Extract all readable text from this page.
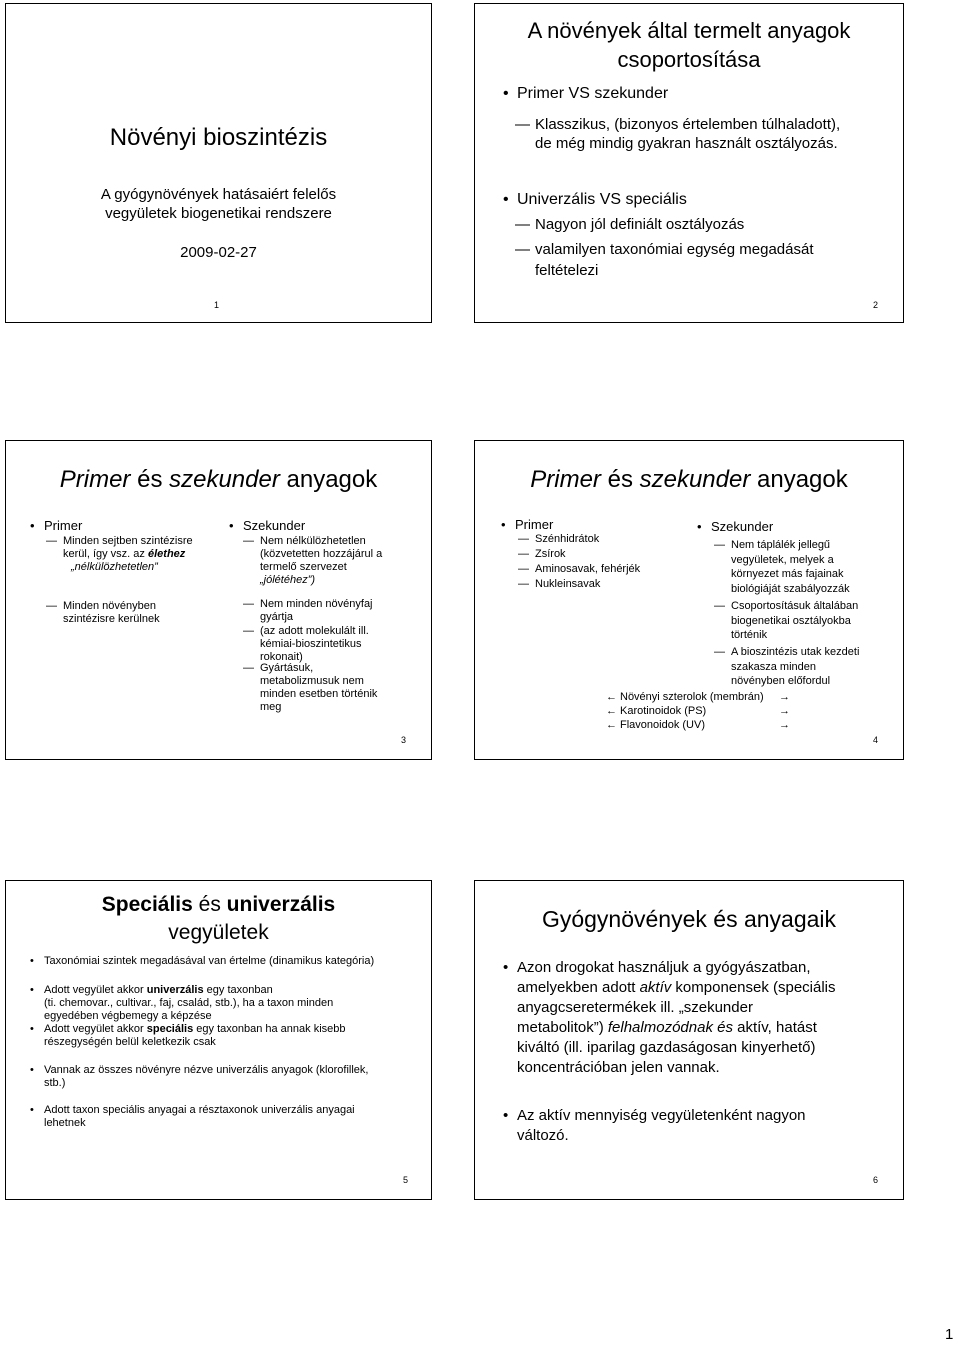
Növényi bioszintézis
A gyógynövények hatásaiért felelős
vegyületek biogenetikai rendszere
2009-02-27
1
A növények által termelt anyagok
csoportosítása
• Primer VS szekunder
— Klasszikus, (bizonyos értelemben túlhaladott),
de még mindig gyakran használt osztályozás.
• Univerzális VS speciális
— Nagyon jól definiált osztályozás
— valamilyen taxonómiai egység megadását
feltételezi
2
Primer és szekunder anyagok
• Primer
— Minden sejtben szintézisre
kerül, így vsz. az élethez
„nélkülözhetetlen”
— Minden növényben
szintézisre kerülnek
• Szekunder
— Nem nélkülözhetetlen
(közvetetten hozzájárul a
termelő szervezet
„jólétéhez”)
— Nem minden növényfaj
gyártja
— (az adott molekulált ill.
kémiai-bioszintetikus
rokonait)
— Gyártásuk,
metabolizmusuk nem
minden esetben történik
meg
3
Primer és szekunder anyagok
• Primer
— Szénhidrátok
— Zsírok
— Aminosavak, fehérjék
— Nukleinsavak
• Szekunder
— Nem táplálék jellegű
vegyületek, melyek a
környezet más fajainak
biológiáját szabályozzák
— Csoportosításuk általában
biogenetikai osztályokba
történik
— A bioszintézis utak kezdeti
szakasza minden
növényben előfordul
← Növényi szterolok (membrán) →
← Karotinoidok (PS)	→
← Flavonoidok (UV)	→
4
Speciális és univerzális
vegyületek
• Taxonómiai szintek megadásával van értelme (dinamikus kategória)
• Adott vegyület akkor univerzális egy taxonban
(ti. chemovar., cultivar., faj, család, stb.), ha a taxon minden
egyedében végbemegy a képzése
• Adott vegyület akkor speciális egy taxonban ha annak kisebb
részegységén belül keletkezik csak
• Vannak az összes növényre nézve univerzális anyagok (klorofillek,
stb.)
• Adott taxon speciális anyagai a résztaxonok univerzális anyagai
lehetnek
5
Gyógynövények és anyagaik
• Azon drogokat használjuk a gyógyászatban,
amelyekben adott aktív komponensek (speciális
anyagcseretermékek ill. „szekunder
metabolitok”) felhalmozódnak és aktív, hatást
kiváltó (ill. iparilag gazdaságosan kinyerhető)
koncentrációban jelen vannak.
• Az aktív mennyiség vegyületenként nagyon
változó.
6
1
